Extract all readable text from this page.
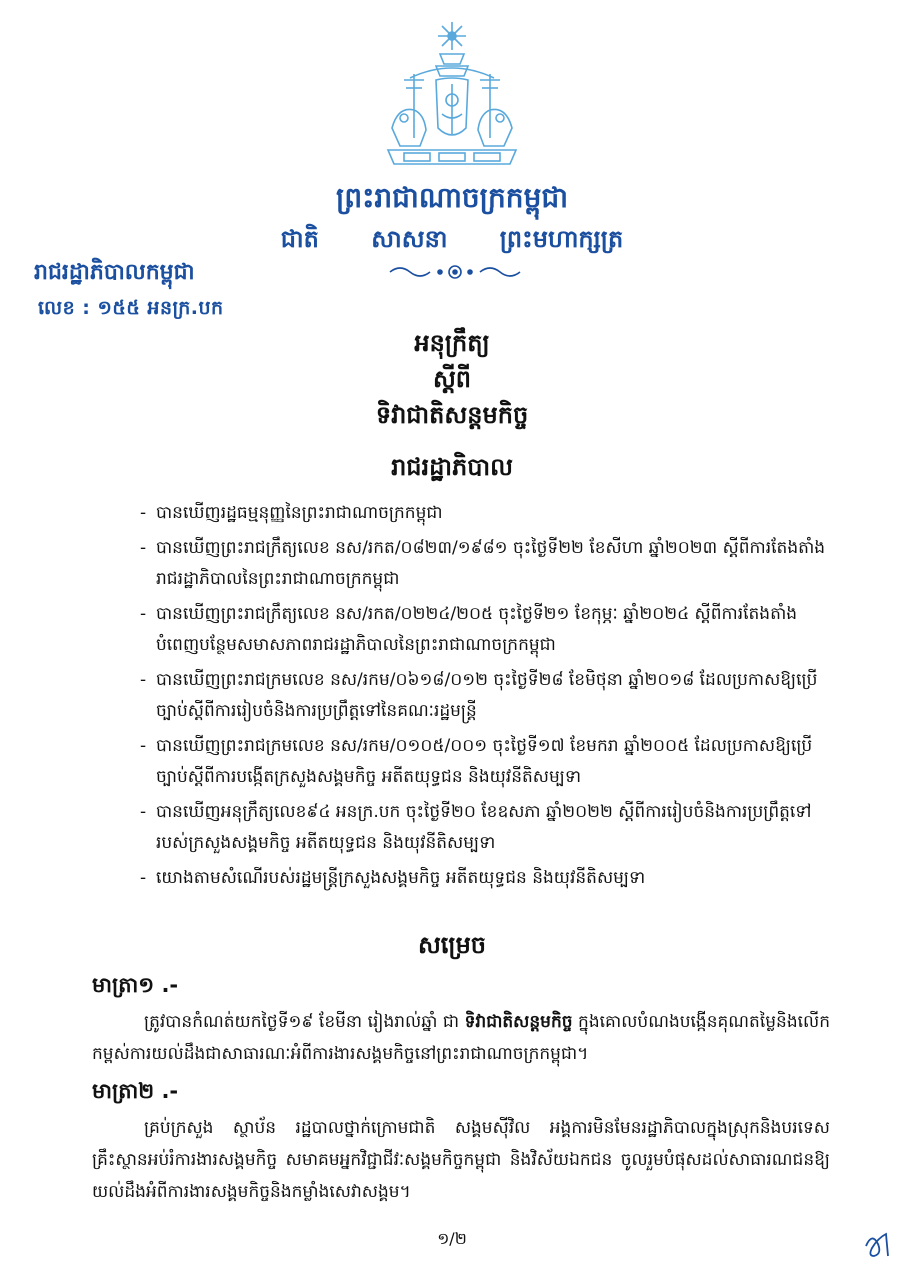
ព្រះរាជាណាចក្រកម្ពុជា
ជាតិ សាសនា ព្រះមហាក្សត្រ
រាជរដ្ឋាភិបាលកម្ពុជា
លេខ : ១៥៥ អនក្រ.បក
អនុក្រឹត្យ
ស្តីពី
ទិវាជាតិសន្តមកិច្ច
រាជរដ្ឋាភិបាល
- បានឃើញរដ្ឋធម្មនុញ្ញនៃព្រះរាជាណាចក្រកម្ពុជា
- បានឃើញព្រះរាជក្រឹត្យលេខ នស/រកត/០៨២៣/១៩៨១ ចុះថ្ងៃទី២២ ខែសីហា ឆ្នាំ២០២៣ ស្តីពីការតែងតាំងរាជរដ្ឋាភិបាលនៃព្រះរាជាណាចក្រកម្ពុជា
- បានឃើញព្រះរាជក្រឹត្យលេខ នស/រកត/០២២៤/២០៥ ចុះថ្ងៃទី២១ ខែកុម្ភៈ ឆ្នាំ២០២៤ ស្តីពីការតែងតាំងបំពេញបន្ថែមសមាសភាពរាជរដ្ឋាភិបាលនៃព្រះរាជាណាចក្រកម្ពុជា
- បានឃើញព្រះរាជក្រមលេខ នស/រកម/០៦១៨/០១២ ចុះថ្ងៃទី២៨ ខែមិថុនា ឆ្នាំ២០១៨ ដែលប្រកាសឱ្យប្រើច្បាប់ស្តីពីការរៀបចំនិងការប្រព្រឹត្តទៅនៃគណៈរដ្ឋមន្ត្រី
- បានឃើញព្រះរាជក្រមលេខ នស/រកម/០១០៥/០០១ ចុះថ្ងៃទី១៧ ខែមករា ឆ្នាំ២០០៥ ដែលប្រកាសឱ្យប្រើច្បាប់ស្តីពីការបង្កើតក្រសួងសង្គមកិច្ច អតីតយុទ្ធជន និងយុវនីតិសម្បទា
- បានឃើញអនុក្រឹត្យលេខ៩៤ អនក្រ.បក ចុះថ្ងៃទី២០ ខែឧសភា ឆ្នាំ២០២២ ស្តីពីការរៀបចំនិងការប្រព្រឹត្តទៅរបស់ក្រសួងសង្គមកិច្ច អតីតយុទ្ធជន និងយុវនីតិសម្បទា
- យោងតាមសំណើរបស់រដ្ឋមន្ត្រីក្រសួងសង្គមកិច្ច អតីតយុទ្ធជន និងយុវនីតិសម្បទា
សម្រេច
មាត្រា១ .-
ត្រូវបានកំណត់យកថ្ងៃទី១៩ ខែមីនា រៀងរាល់ឆ្នាំ ជា ទិវាជាតិសន្តមកិច្ច ក្នុងគោលបំណងបង្កើនគុណតម្លៃនិងលើកកម្ពស់ការយល់ដឹងជាសាធារណៈអំពីការងារសង្គមកិច្ចនៅព្រះរាជាណាចក្រកម្ពុជា។
មាត្រា២ .-
គ្រប់ក្រសួង ស្ថាប័ន រដ្ឋបាលថ្នាក់ក្រោមជាតិ សង្គមស៊ីវិល អង្គការមិនមែនរដ្ឋាភិបាលក្នុងស្រុកនិងបរទេស គ្រឹះស្ថានអប់រំការងារសង្គមកិច្ច សមាគមអ្នកវិជ្ជាជីវៈសង្គមកិច្ចកម្ពុជា និងវិស័យឯកជន ចូលរួមបំផុសដល់សាធារណជនឱ្យយល់ដឹងអំពីការងារសង្គមកិច្ចនិងកម្លាំងសេវាសង្គម។
១/២
